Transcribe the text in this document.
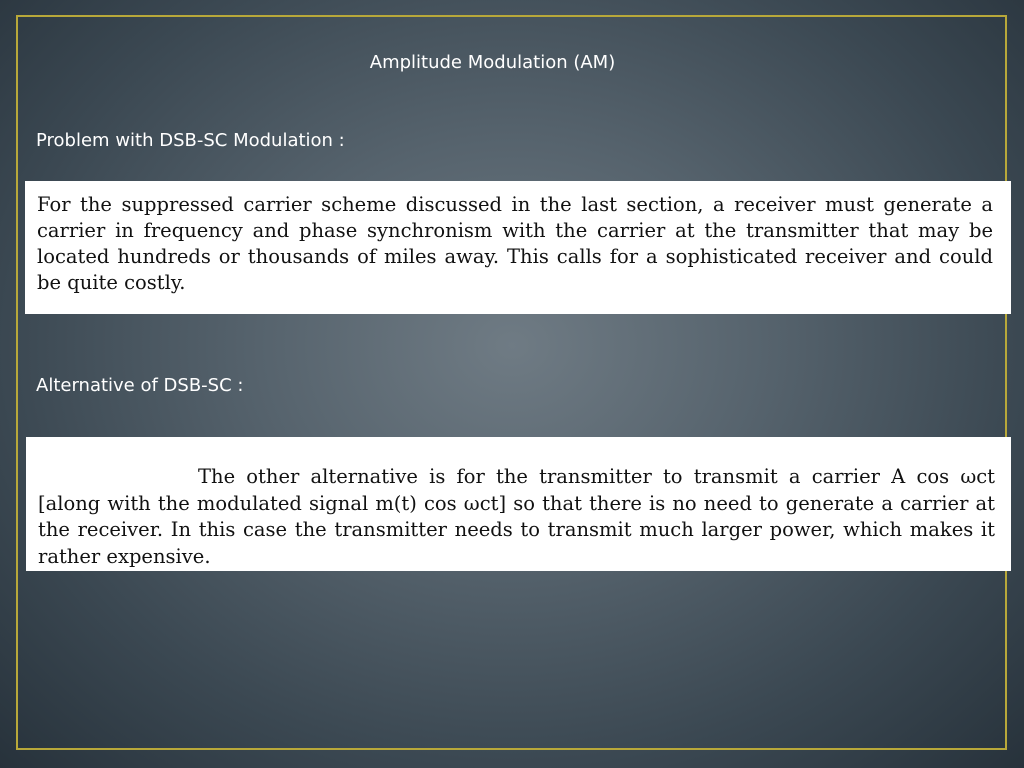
Amplitude Modulation (AM)
Problem with DSB-SC Modulation :
For the suppressed carrier scheme discussed in the last section, a receiver must generate a carrier in frequency and phase synchronism with the carrier at the transmitter that may be located hundreds or thousands of miles away. This calls for a sophisticated receiver and could be quite costly.
Alternative of DSB-SC :
The other alternative is for the transmitter to transmit a carrier A cos ωct [along with the modulated signal m(t) cos ωct] so that there is no need to generate a carrier at the receiver. In this case the transmitter needs to transmit much larger power, which makes it rather expensive.
